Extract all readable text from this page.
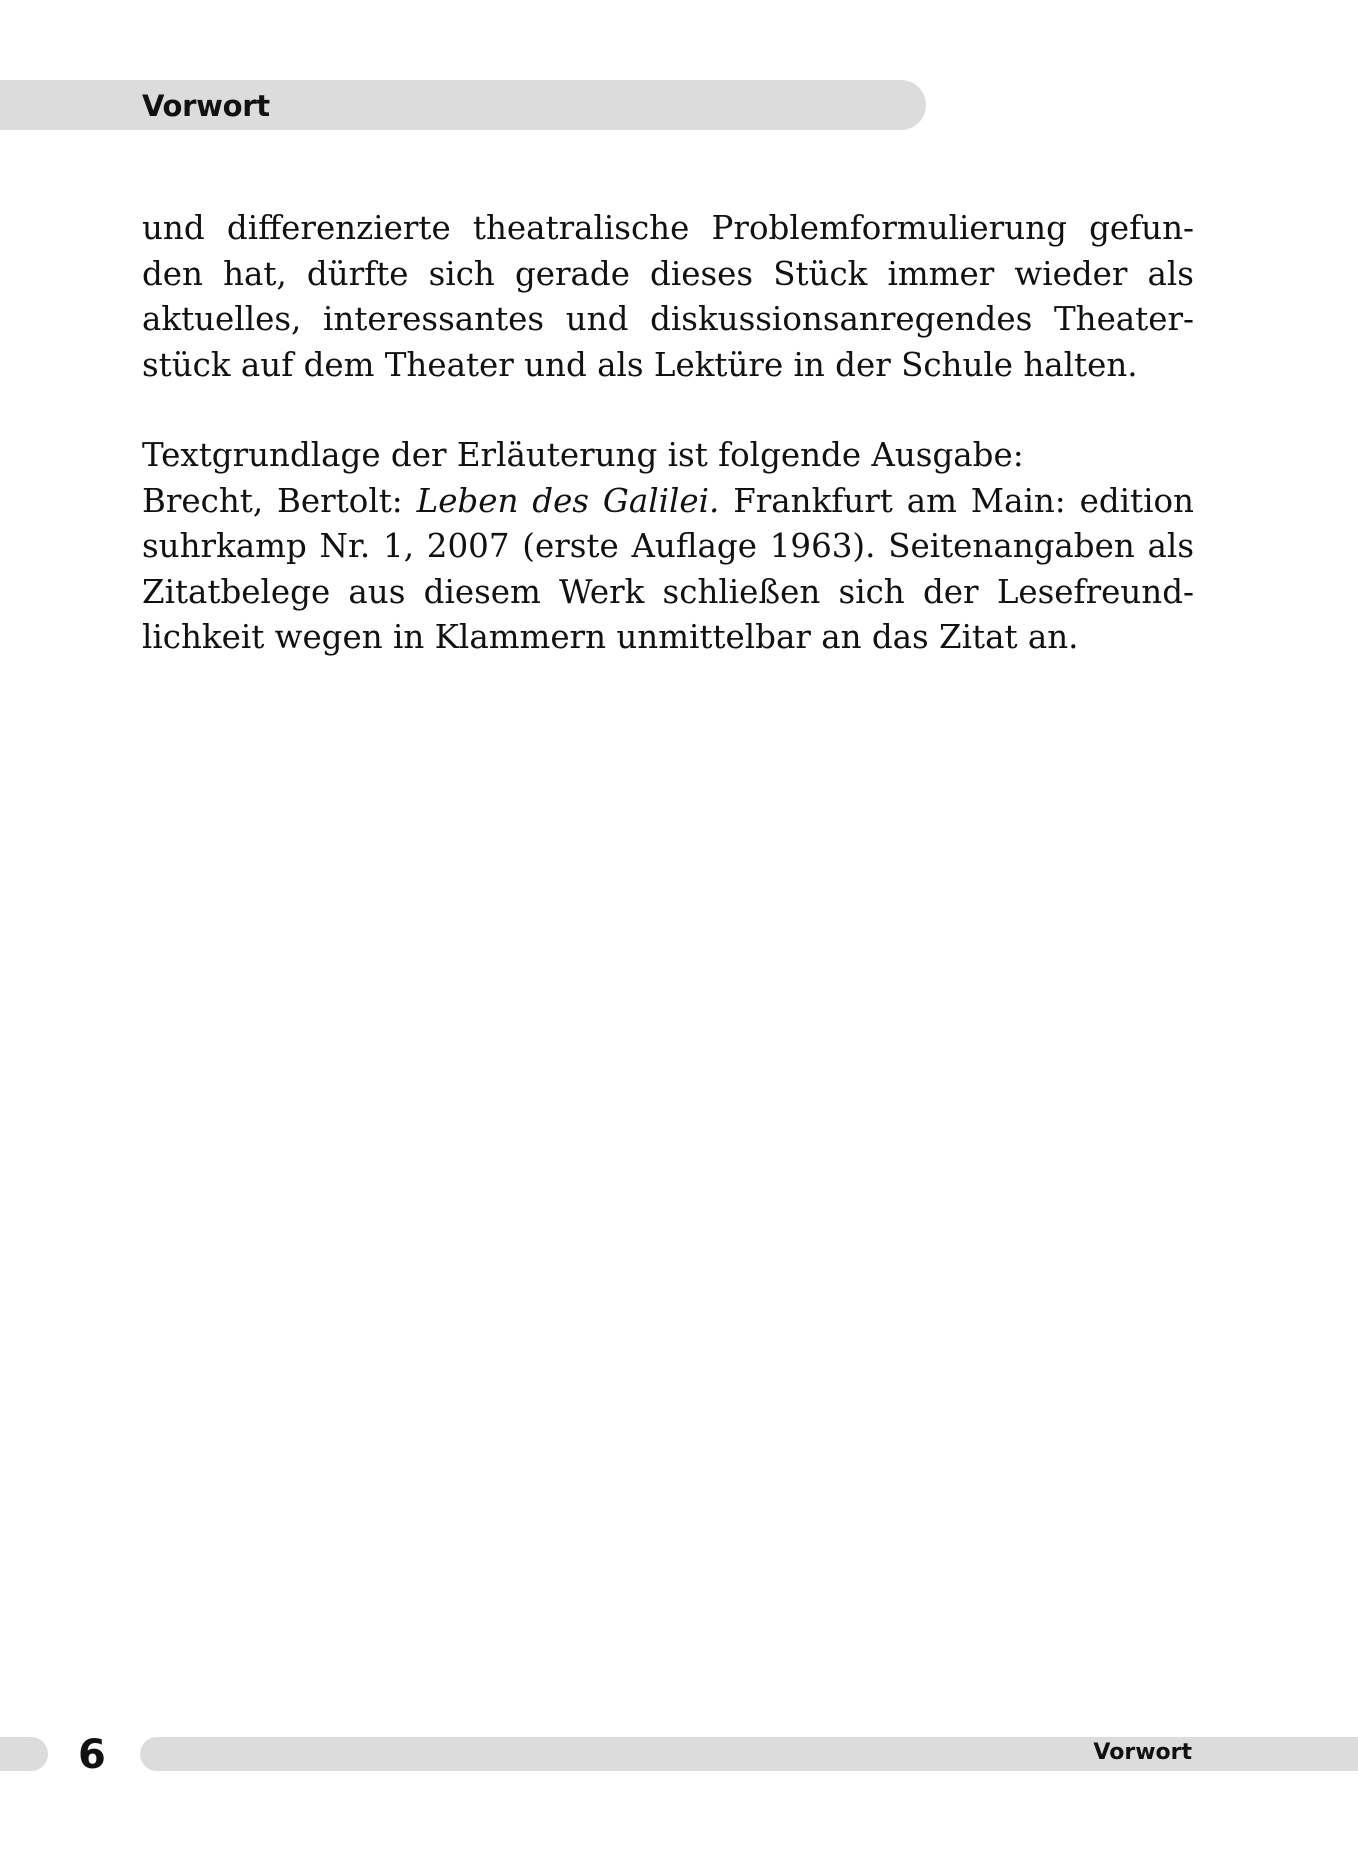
Vorwort
und differenzierte theatralische Problemformulierung gefun-
den hat, dürfte sich gerade dieses Stück immer wieder als
aktuelles, interessantes und diskussionsanregendes Theater-
stück auf dem Theater und als Lektüre in der Schule halten.
Textgrundlage der Erläuterung ist folgende Ausgabe:
Brecht, Bertolt: Leben des Galilei. Frankfurt am Main: edition
suhrkamp Nr. 1, 2007 (erste Auflage 1963). Seitenangaben als
Zitatbelege aus diesem Werk schließen sich der Lesefreund-
lichkeit wegen in Klammern unmittelbar an das Zitat an.
6	Vorwort
